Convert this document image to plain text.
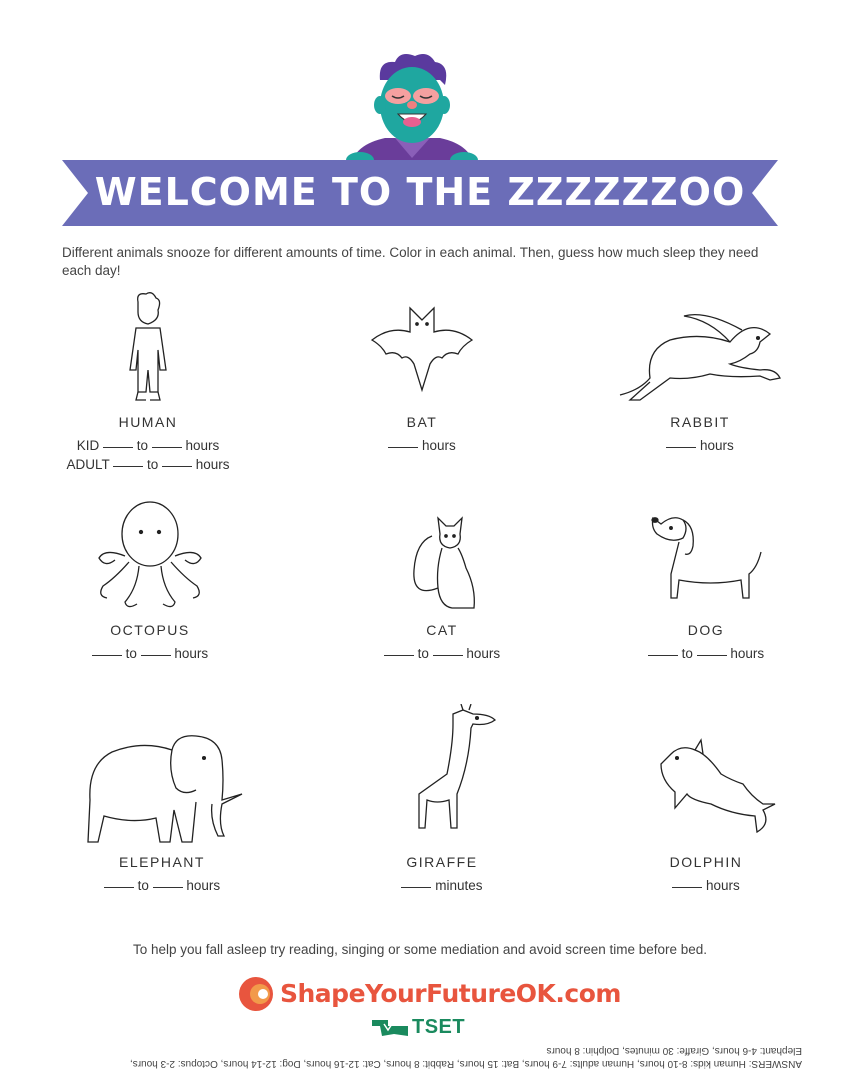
WELCOME TO THE ZZZZZZOO
Different animals snooze for different amounts of time. Color in each animal. Then, guess how much sleep they need each day!
HUMAN
KID	to	hours
ADULT	to	hours
BAT
hours
RABBIT
hours
OCTOPUS
to	hours
CAT
to	hours
DOG
to	hours
ELEPHANT
to	hours
GIRAFFE
minutes
DOLPHIN
hours
To help you fall asleep try reading, singing or some mediation and avoid screen time before bed.
ShapeYourFutureOK.com
TSET
ANSWERS: Human kids: 8-10 hours, Human adults: 7-9 hours, Bat: 15 hours, Rabbit: 8 hours, Cat: 12-16 hours, Dog: 12-14 hours, Octopus: 2-3 hours,
Elephant: 4-6 hours, Giraffe: 30 minutes, Dolphin: 8 hours
